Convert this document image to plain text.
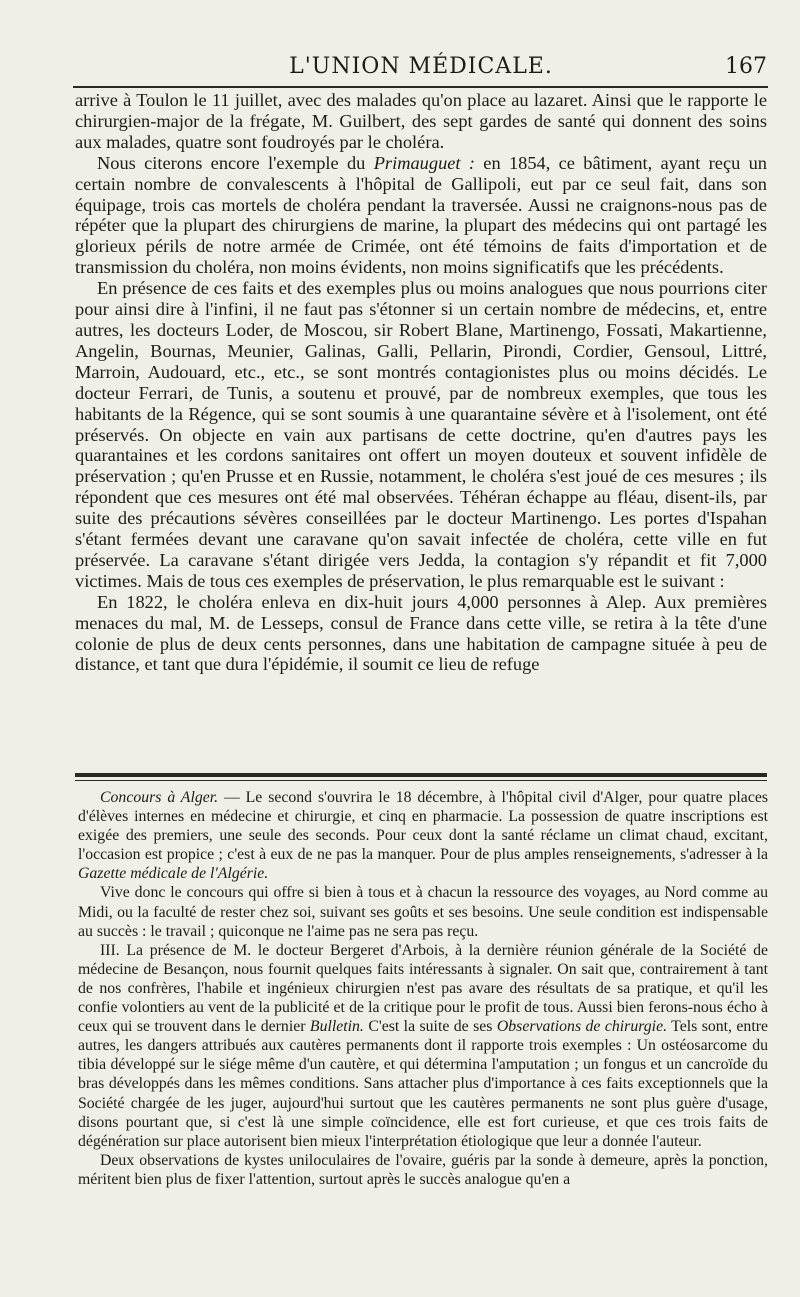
L'UNION MÉDICALE.	167

arrive à Toulon le 11 juillet, avec des malades qu'on place au lazaret. Ainsi que le rapporte le chirurgien-major de la frégate, M. Guilbert, des sept gardes de santé qui donnent des soins aux malades, quatre sont foudroyés par le choléra.

Nous citerons encore l'exemple du Primauguet : en 1854, ce bâtiment, ayant reçu un certain nombre de convalescents à l'hôpital de Gallipoli, eut par ce seul fait, dans son équipage, trois cas mortels de choléra pendant la traversée. Aussi ne craignons-nous pas de répéter que la plupart des chirurgiens de marine, la plupart des médecins qui ont partagé les glorieux périls de notre armée de Crimée, ont été témoins de faits d'importation et de transmission du choléra, non moins évidents, non moins significatifs que les précédents.

En présence de ces faits et des exemples plus ou moins analogues que nous pourrions citer pour ainsi dire à l'infini, il ne faut pas s'étonner si un certain nombre de médecins, et, entre autres, les docteurs Loder, de Moscou, sir Robert Blane, Martinengo, Fossati, Makartienne, Angelin, Bournas, Meunier, Galinas, Galli, Pellarin, Pirondi, Cordier, Gensoul, Littré, Marroin, Audouard, etc., etc., se sont montrés contagionistes plus ou moins décidés. Le docteur Ferrari, de Tunis, a soutenu et prouvé, par de nombreux exemples, que tous les habitants de la Régence, qui se sont soumis à une quarantaine sévère et à l'isolement, ont été préservés. On objecte en vain aux partisans de cette doctrine, qu'en d'autres pays les quarantaines et les cordons sanitaires ont offert un moyen douteux et souvent infidèle de préservation ; qu'en Prusse et en Russie, notamment, le choléra s'est joué de ces mesures ; ils répondent que ces mesures ont été mal observées. Téhéran échappe au fléau, disent-ils, par suite des précautions sévères conseillées par le docteur Martinengo. Les portes d'Ispahan s'étant fermées devant une caravane qu'on savait infectée de choléra, cette ville en fut préservée. La caravane s'étant dirigée vers Jedda, la contagion s'y répandit et fit 7,000 victimes. Mais de tous ces exemples de préservation, le plus remarquable est le suivant :

En 1822, le choléra enleva en dix-huit jours 4,000 personnes à Alep. Aux premières menaces du mal, M. de Lesseps, consul de France dans cette ville, se retira à la tête d'une colonie de plus de deux cents personnes, dans une habitation de campagne située à peu de distance, et tant que dura l'épidémie, il soumit ce lieu de refuge

Concours à Alger. — Le second s'ouvrira le 18 décembre, à l'hôpital civil d'Alger, pour quatre places d'élèves internes en médecine et chirurgie, et cinq en pharmacie. La possession de quatre inscriptions est exigée des premiers, une seule des seconds. Pour ceux dont la santé réclame un climat chaud, excitant, l'occasion est propice ; c'est à eux de ne pas la manquer. Pour de plus amples renseignements, s'adresser à la Gazette médicale de l'Algérie.

Vive donc le concours qui offre si bien à tous et à chacun la ressource des voyages, au Nord comme au Midi, ou la faculté de rester chez soi, suivant ses goûts et ses besoins. Une seule condition est indispensable au succès : le travail ; quiconque ne l'aime pas ne sera pas reçu.

III. La présence de M. le docteur Bergeret d'Arbois, à la dernière réunion générale de la Société de médecine de Besançon, nous fournit quelques faits intéressants à signaler. On sait que, contrairement à tant de nos confrères, l'habile et ingénieux chirurgien n'est pas avare des résultats de sa pratique, et qu'il les confie volontiers au vent de la publicité et de la critique pour le profit de tous. Aussi bien ferons-nous écho à ceux qui se trouvent dans le dernier Bulletin. C'est la suite de ses Observations de chirurgie. Tels sont, entre autres, les dangers attribués aux cautères permanents dont il rapporte trois exemples : Un ostéosarcome du tibia développé sur le siége même d'un cautère, et qui détermina l'amputation ; un fongus et un cancroïde du bras développés dans les mêmes conditions. Sans attacher plus d'importance à ces faits exceptionnels que la Société chargée de les juger, aujourd'hui surtout que les cautères permanents ne sont plus guère d'usage, disons pourtant que, si c'est là une simple coïncidence, elle est fort curieuse, et que ces trois faits de dégénération sur place autorisent bien mieux l'interprétation étiologique que leur a donnée l'auteur.

Deux observations de kystes uniloculaires de l'ovaire, guéris par la sonde à demeure, après la ponction, méritent bien plus de fixer l'attention, surtout après le succès analogue qu'en a
